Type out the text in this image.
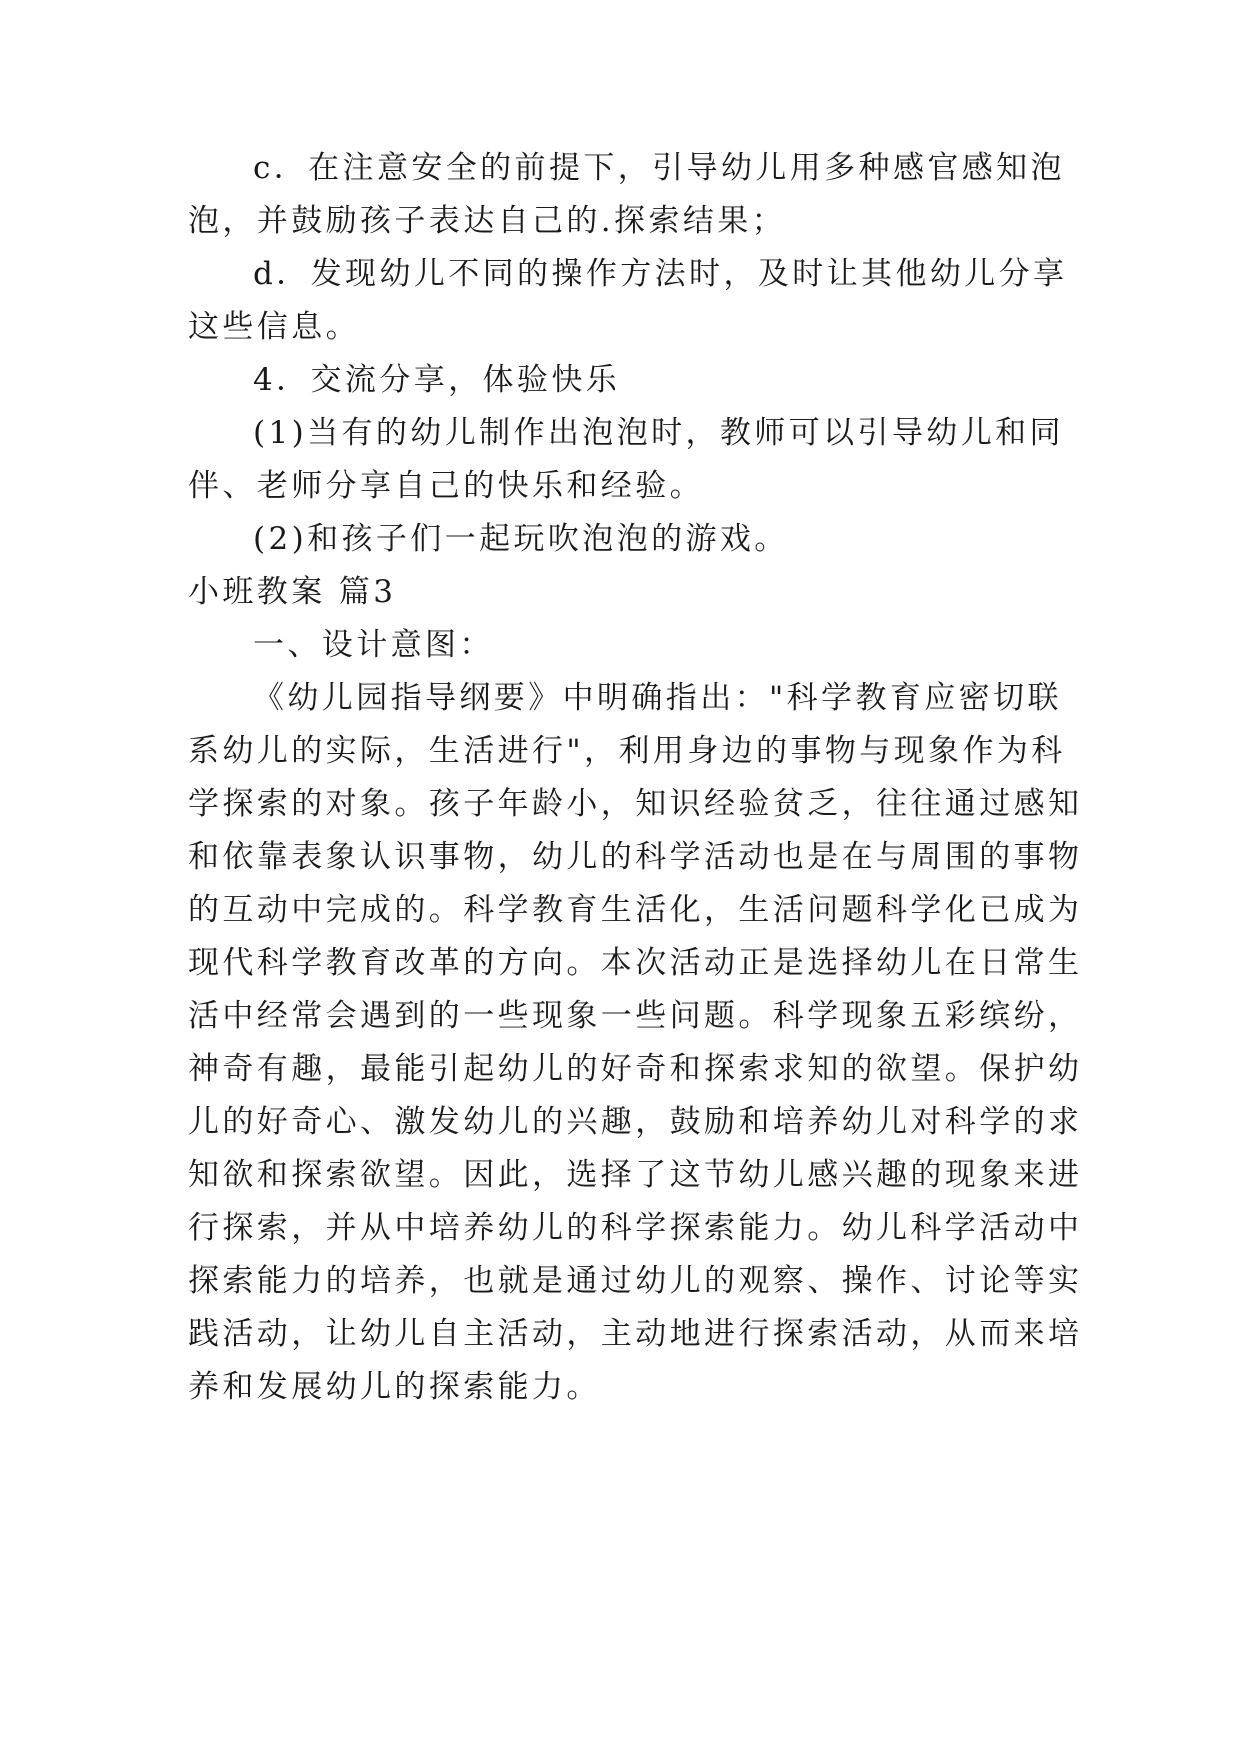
c．在注意安全的前提下，引导幼儿用多种感官感知泡
泡，并鼓励孩子表达自己的.探索结果；
d．发现幼儿不同的操作方法时，及时让其他幼儿分享
这些信息。
4．交流分享，体验快乐
(1)当有的幼儿制作出泡泡时，教师可以引导幼儿和同
伴、老师分享自己的快乐和经验。
(2)和孩子们一起玩吹泡泡的游戏。
小班教案 篇3
一、设计意图：
《幼儿园指导纲要》中明确指出："科学教育应密切联
系幼儿的实际，生活进行"，利用身边的事物与现象作为科
学探索的对象。孩子年龄小，知识经验贫乏，往往通过感知
和依靠表象认识事物，幼儿的科学活动也是在与周围的事物
的互动中完成的。科学教育生活化，生活问题科学化已成为
现代科学教育改革的方向。本次活动正是选择幼儿在日常生
活中经常会遇到的一些现象一些问题。科学现象五彩缤纷，
神奇有趣，最能引起幼儿的好奇和探索求知的欲望。保护幼
儿的好奇心、激发幼儿的兴趣，鼓励和培养幼儿对科学的求
知欲和探索欲望。因此，选择了这节幼儿感兴趣的现象来进
行探索，并从中培养幼儿的科学探索能力。幼儿科学活动中
探索能力的培养，也就是通过幼儿的观察、操作、讨论等实
践活动，让幼儿自主活动，主动地进行探索活动，从而来培
养和发展幼儿的探索能力。
